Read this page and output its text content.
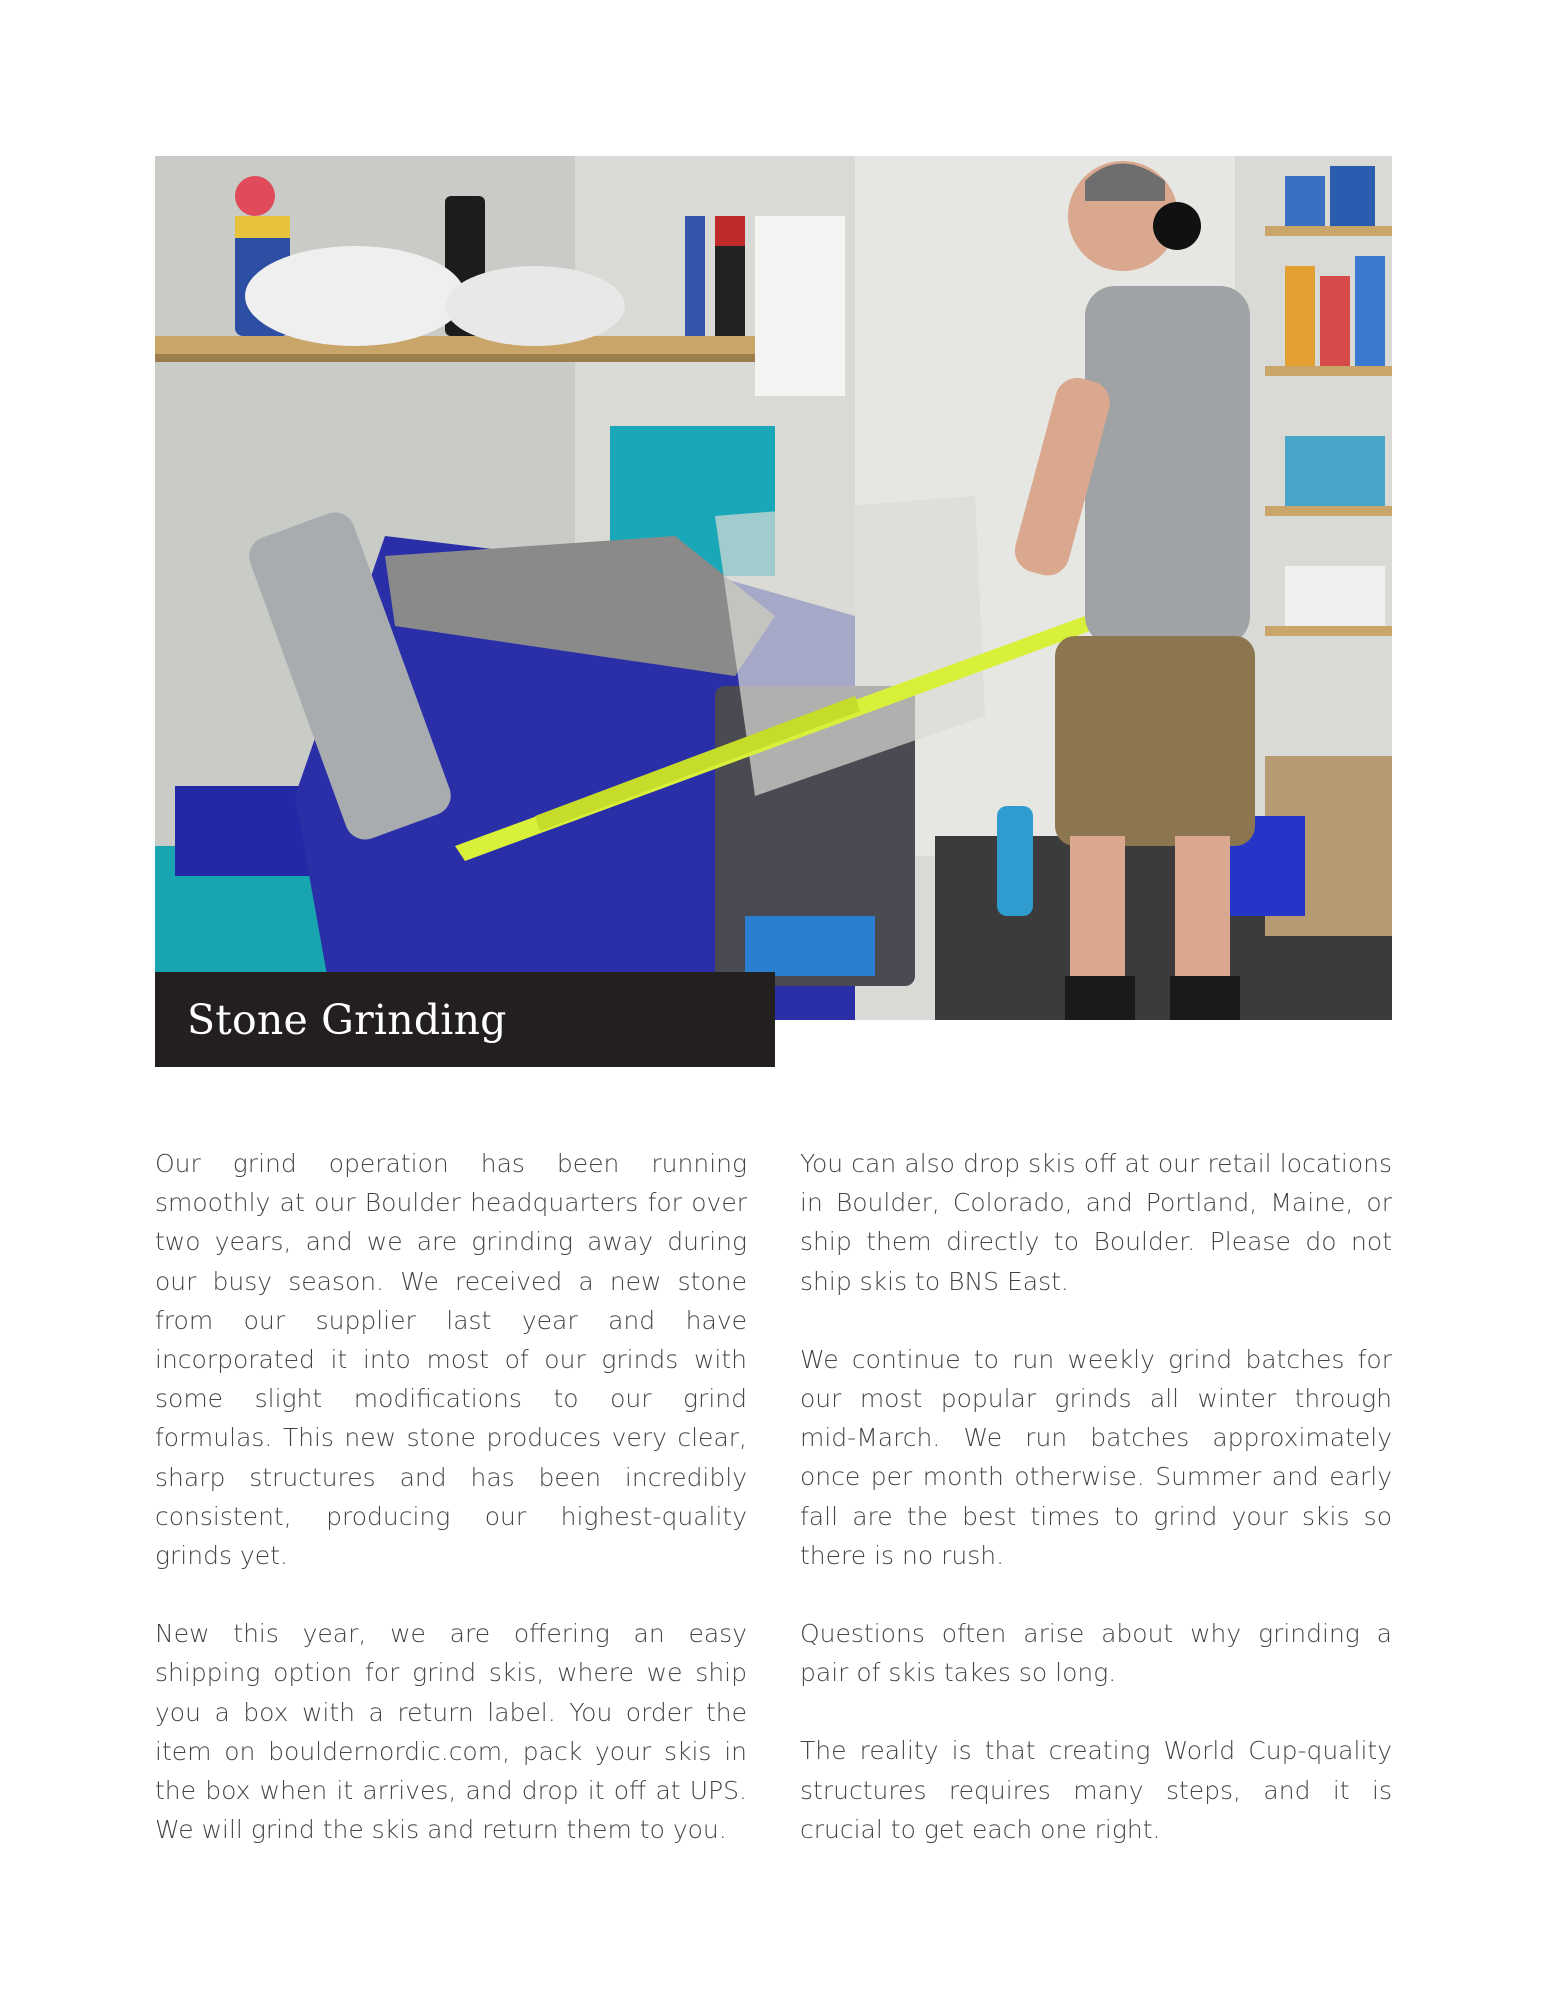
Stone Grinding

Our grind operation has been running smoothly at our Boulder headquarters for over two years, and we are grinding away during our busy season. We received a new stone from our supplier last year and have incorporated it into most of our grinds with some slight modifications to our grind formulas. This new stone produces very clear, sharp structures and has been incredibly consistent, producing our highest-quality grinds yet.

New this year, we are offering an easy shipping option for grind skis, where we ship you a box with a return label. You order the item on bouldernordic.com, pack your skis in the box when it arrives, and drop it off at UPS. We will grind the skis and return them to you.

You can also drop skis off at our retail locations in Boulder, Colorado, and Portland, Maine, or ship them directly to Boulder. Please do not ship skis to BNS East.

We continue to run weekly grind batches for our most popular grinds all winter through mid-March. We run batches approximately once per month otherwise. Summer and early fall are the best times to grind your skis so there is no rush.

Questions often arise about why grinding a pair of skis takes so long.

The reality is that creating World Cup-quality structures requires many steps, and it is crucial to get each one right.
